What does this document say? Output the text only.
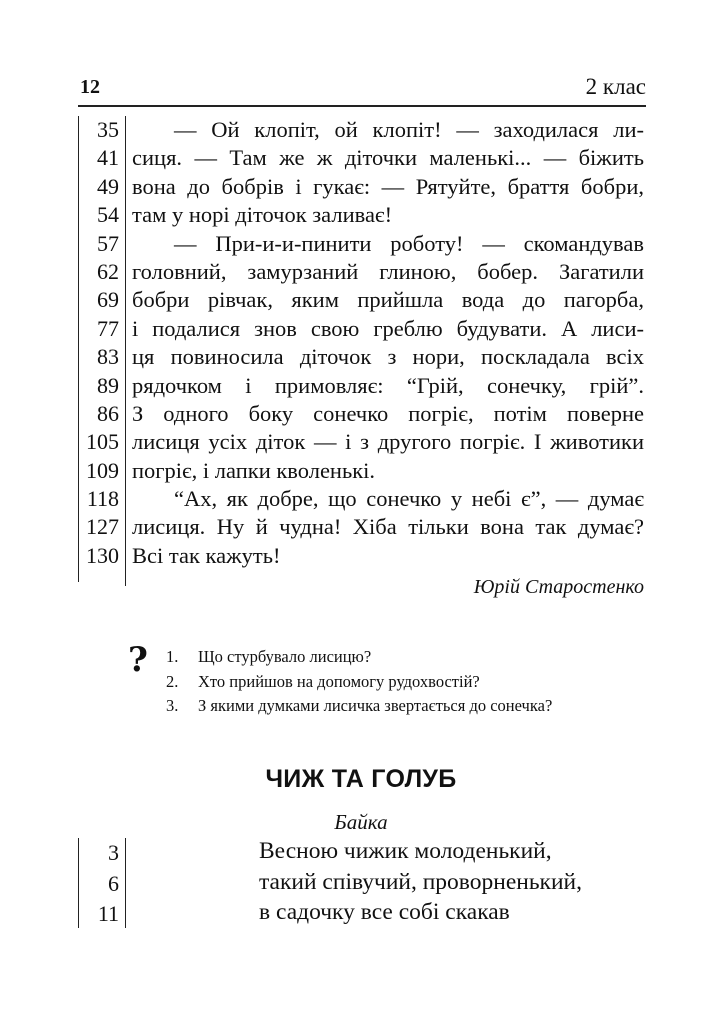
12	2 клас
35
41
49
54
57
62
69
77
83
89
86
105
109
118
127
130
— Ой клопіт, ой клопіт! — заходилася ли-
сиця. — Там же ж діточки маленькі... — біжить
вона до бобрів і гукає: — Рятуйте, браття бобри,
там у норі діточок заливає!
— При-и-и-пинити роботу! — скомандував
головний, замурзаний глиною, бобер. Загатили
бобри рівчак, яким прийшла вода до пагорба,
і подалися знов свою греблю будувати. А лиси-
ця повиносила діточок з нори, поскладала всіх
рядочком і примовляє: “Грій, сонечку, грій”.
З одного боку сонечко погріє, потім поверне
лисиця усіх діток — і з другого погріє. І животики
погріє, і лапки кволенькі.
“Ах, як добре, що сонечко у небі є”, — думає
лисиця. Ну й чудна! Хіба тільки вона так думає?
Всі так кажуть!
Юрій Старостенко
? 1. Що стурбувало лисицю?
2. Хто прийшов на допомогу рудохвостій?
3. З якими думками лисичка звертається до сонечка?
ЧИЖ ТА ГОЛУБ
Байка
3
6
11
Весною чижик молоденький,
такий співучий, проворненький,
в садочку все собі скакав
